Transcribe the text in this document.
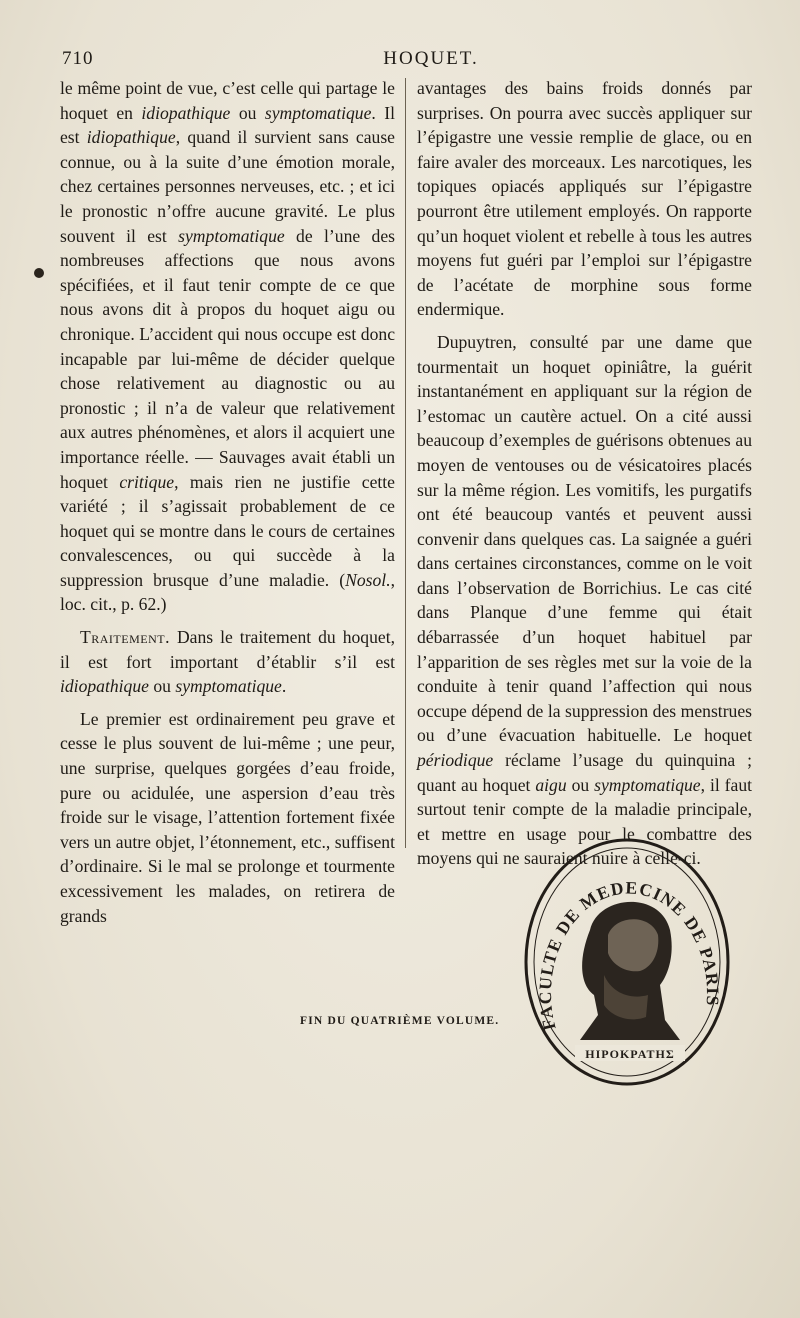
710	HOQUET.

le même point de vue, c’est celle qui partage le hoquet en idiopathique ou symptomatique. Il est idiopathique, quand il survient sans cause connue, ou à la suite d’une émotion morale, chez certaines personnes nerveuses, etc. ; et ici le pronostic n’offre aucune gravité. Le plus souvent il est symptomatique de l’une des nombreuses affections que nous avons spécifiées, et il faut tenir compte de ce que nous avons dit à propos du hoquet aigu ou chronique. L’accident qui nous occupe est donc incapable par lui-même de décider quelque chose relativement au diagnostic ou au pronostic ; il n’a de valeur que relativement aux autres phénomènes, et alors il acquiert une importance réelle. — Sauvages avait établi un hoquet critique, mais rien ne justifie cette variété ; il s’agissait probablement de ce hoquet qui se montre dans le cours de certaines convalescences, ou qui succède à la suppression brusque d’une maladie. (Nosol., loc. cit., p. 62.)

Traitement. Dans le traitement du hoquet, il est fort important d’établir s’il est idiopathique ou symptomatique.

Le premier est ordinairement peu grave et cesse le plus souvent de lui-même ; une peur, une surprise, quelques gorgées d’eau froide, pure ou acidulée, une aspersion d’eau très froide sur le visage, l’attention fortement fixée vers un autre objet, l’étonnement, etc., suffisent d’ordinaire. Si le mal se prolonge et tourmente excessivement les malades, on retirera de grands

avantages des bains froids donnés par surprises. On pourra avec succès appliquer sur l’épigastre une vessie remplie de glace, ou en faire avaler des morceaux. Les narcotiques, les topiques opiacés appliqués sur l’épigastre pourront être utilement employés. On rapporte qu’un hoquet violent et rebelle à tous les autres moyens fut guéri par l’emploi sur l’épigastre de l’acétate de morphine sous forme endermique.

Dupuytren, consulté par une dame que tourmentait un hoquet opiniâtre, la guérit instantanément en appliquant sur la région de l’estomac un cautère actuel. On a cité aussi beaucoup d’exemples de guérisons obtenues au moyen de ventouses ou de vésicatoires placés sur la même région. Les vomitifs, les purgatifs ont été beaucoup vantés et peuvent aussi convenir dans quelques cas. La saignée a guéri dans certaines circonstances, comme on le voit dans l’observation de Borrichius. Le cas cité dans Planque d’une femme qui était débarrassée d’un hoquet habituel par l’apparition de ses règles met sur la voie de la conduite à tenir quand l’affection qui nous occupe dépend de la suppression des menstrues ou d’une évacuation habituelle. Le hoquet périodique réclame l’usage du quinquina ; quant au hoquet aigu ou symptomatique, il faut surtout tenir compte de la maladie principale, et mettre en usage pour le combattre des moyens qui ne sauraient nuire à celle-ci.

FIN DU QUATRIÈME VOLUME. FACULTE DE MEDECINE DE PARIS
HIPOKPATHΣ
